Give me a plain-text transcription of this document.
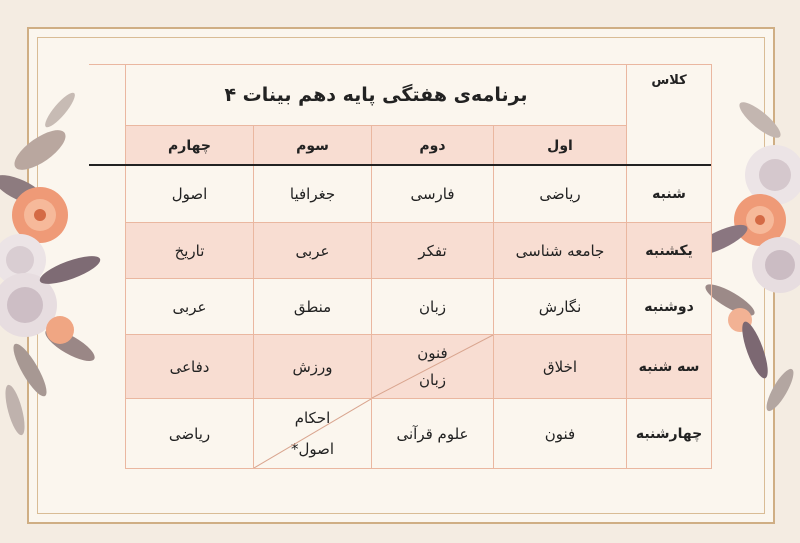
کلاس
برنامه‌ی هفتگی پایه دهم بینات ۴
اول
دوم
سوم
چهارم
شنبه
ریاضی
فارسی
جغرافیا
اصول
یکشنبه
جامعه شناسی
تفکر
عربی
تاریخ
دوشنبه
نگارش
زبان
منطق
عربی
سه شنبه
اخلاق
فنون
زبان
ورزش
دفاعی
چهارشنبه
فنون
علوم قرآنی
احکام
اصول*
ریاضی
